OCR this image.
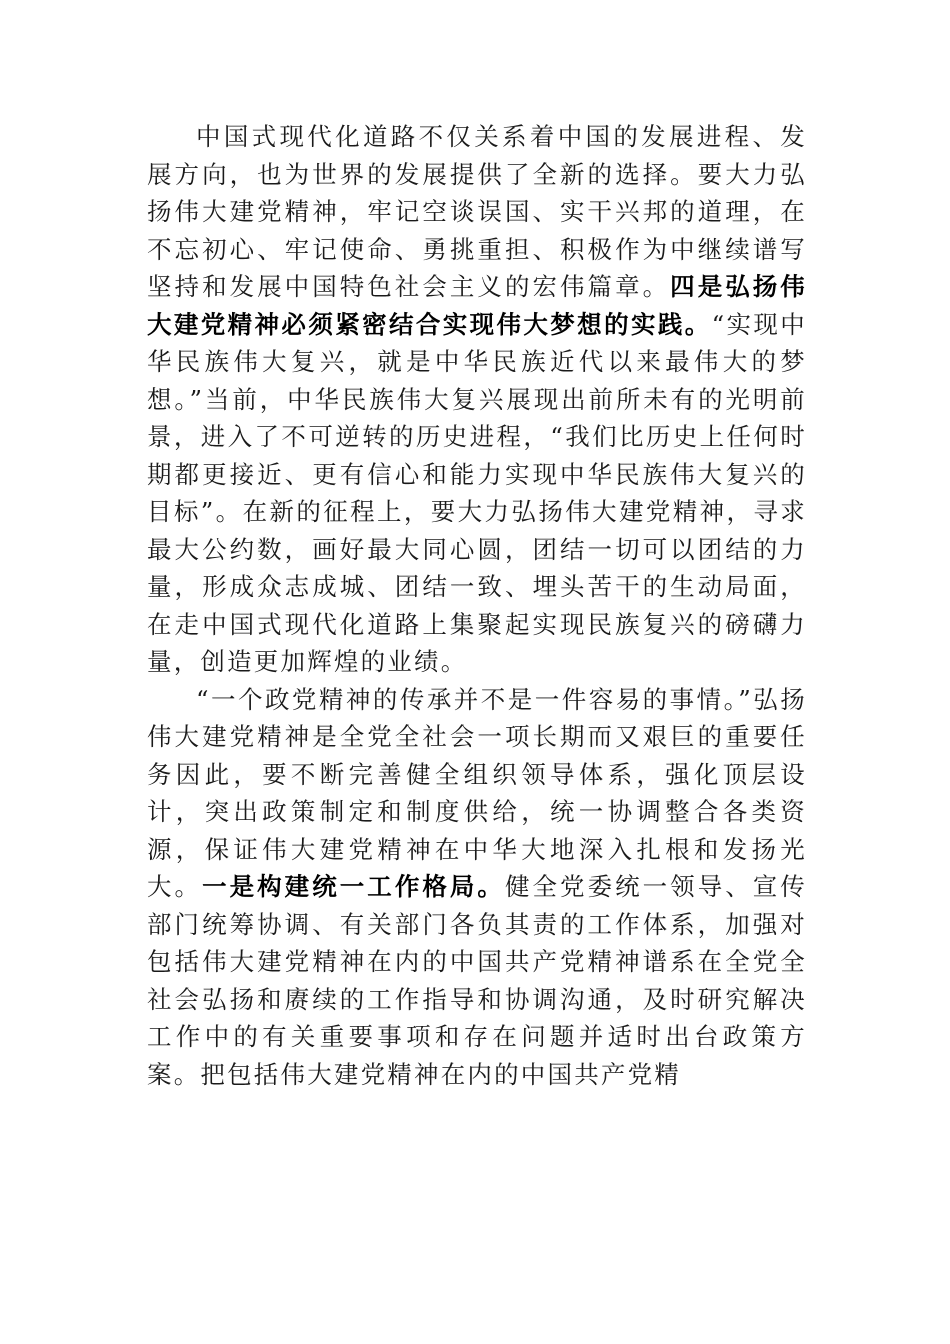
中国式现代化道路不仅关系着中国的发展进程、发展方向，也为世界的发展提供了全新的选择。要大力弘扬伟大建党精神，牢记空谈误国、实干兴邦的道理，在不忘初心、牢记使命、勇挑重担、积极作为中继续谱写坚持和发展中国特色社会主义的宏伟篇章。四是弘扬伟大建党精神必须紧密结合实现伟大梦想的实践。“实现中华民族伟大复兴，就是中华民族近代以来最伟大的梦想。”当前，中华民族伟大复兴展现出前所未有的光明前景，进入了不可逆转的历史进程，“我们比历史上任何时期都更接近、更有信心和能力实现中华民族伟大复兴的目标”。在新的征程上，要大力弘扬伟大建党精神，寻求最大公约数，画好最大同心圆，团结一切可以团结的力量，形成众志成城、团结一致、埋头苦干的生动局面，在走中国式现代化道路上集聚起实现民族复兴的磅礴力量，创造更加辉煌的业绩。

“一个政党精神的传承并不是一件容易的事情。”弘扬伟大建党精神是全党全社会一项长期而又艰巨的重要任务因此，要不断完善健全组织领导体系，强化顶层设计，突出政策制定和制度供给，统一协调整合各类资源，保证伟大建党精神在中华大地深入扎根和发扬光大。一是构建统一工作格局。健全党委统一领导、宣传部门统筹协调、有关部门各负其责的工作体系，加强对包括伟大建党精神在内的中国共产党精神谱系在全党全社会弘扬和赓续的工作指导和协调沟通，及时研究解决工作中的有关重要事项和存在问题并适时出台政策方案。把包括伟大建党精神在内的中国共产党精
